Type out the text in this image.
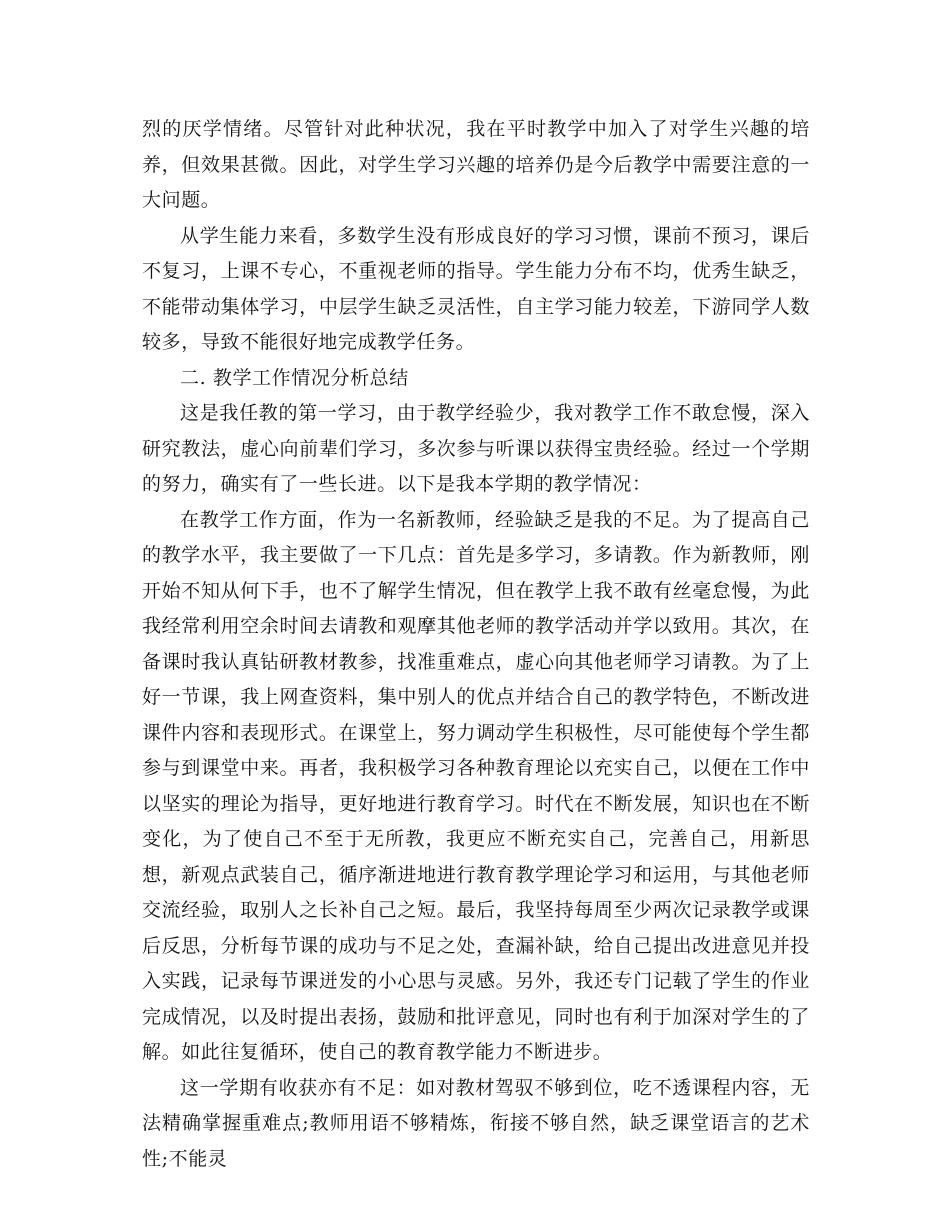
烈的厌学情绪。尽管针对此种状况，我在平时教学中加入了对学生兴趣的培养，但效果甚微。因此，对学生学习兴趣的培养仍是今后教学中需要注意的一大问题。

从学生能力来看，多数学生没有形成良好的学习习惯，课前不预习，课后不复习，上课不专心，不重视老师的指导。学生能力分布不均，优秀生缺乏，不能带动集体学习，中层学生缺乏灵活性，自主学习能力较差，下游同学人数较多，导致不能很好地完成教学任务。

二. 教学工作情况分析总结

这是我任教的第一学习，由于教学经验少，我对教学工作不敢怠慢，深入研究教法，虚心向前辈们学习，多次参与听课以获得宝贵经验。经过一个学期的努力，确实有了一些长进。以下是我本学期的教学情况：

在教学工作方面，作为一名新教师，经验缺乏是我的不足。为了提高自己的教学水平，我主要做了一下几点：首先是多学习，多请教。作为新教师，刚开始不知从何下手，也不了解学生情况，但在教学上我不敢有丝毫怠慢，为此我经常利用空余时间去请教和观摩其他老师的教学活动并学以致用。其次，在备课时我认真钻研教材教参，找准重难点，虚心向其他老师学习请教。为了上好一节课，我上网查资料，集中别人的优点并结合自己的教学特色，不断改进课件内容和表现形式。在课堂上，努力调动学生积极性，尽可能使每个学生都参与到课堂中来。再者，我积极学习各种教育理论以充实自己，以便在工作中以坚实的理论为指导，更好地进行教育学习。时代在不断发展，知识也在不断变化，为了使自己不至于无所教，我更应不断充实自己，完善自己，用新思想，新观点武装自己，循序渐进地进行教育教学理论学习和运用，与其他老师交流经验，取别人之长补自己之短。最后，我坚持每周至少两次记录教学或课后反思，分析每节课的成功与不足之处，查漏补缺，给自己提出改进意见并投入实践，记录每节课迸发的小心思与灵感。另外，我还专门记载了学生的作业完成情况，以及时提出表扬，鼓励和批评意见，同时也有利于加深对学生的了解。如此往复循环，使自己的教育教学能力不断进步。

这一学期有收获亦有不足：如对教材驾驭不够到位，吃不透课程内容，无法精确掌握重难点;教师用语不够精炼，衔接不够自然，缺乏课堂语言的艺术性;不能灵
